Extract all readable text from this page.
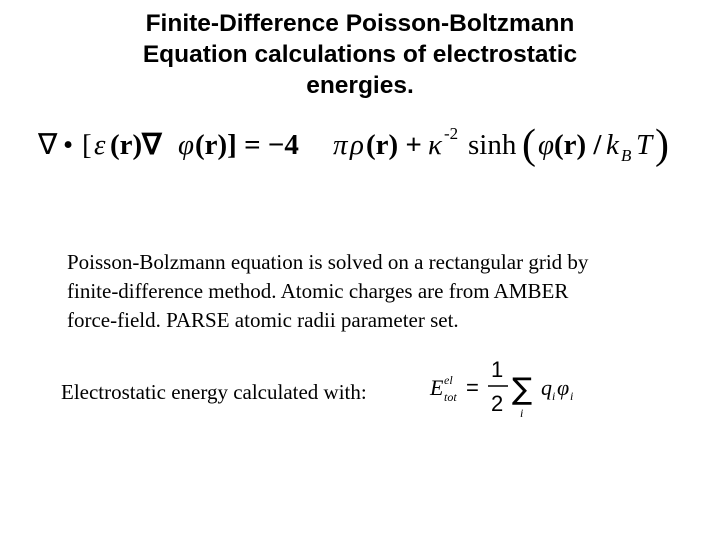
Finite-Difference Poisson-Boltzmann
Equation calculations of electrostatic
energies.
∇ • [ ε (r)∇ φ (r)] = −4 π ρ (r) + κ -2 sinh ( φ (r) / k B T )
Poisson-Bolzmann equation is solved on a rectangular grid by
finite-difference method. Atomic charges are from AMBER
force-field. PARSE atomic radii parameter set.
Electrostatic energy calculated with:	E el
tot =
1
2 ∑
i
q i φ i
